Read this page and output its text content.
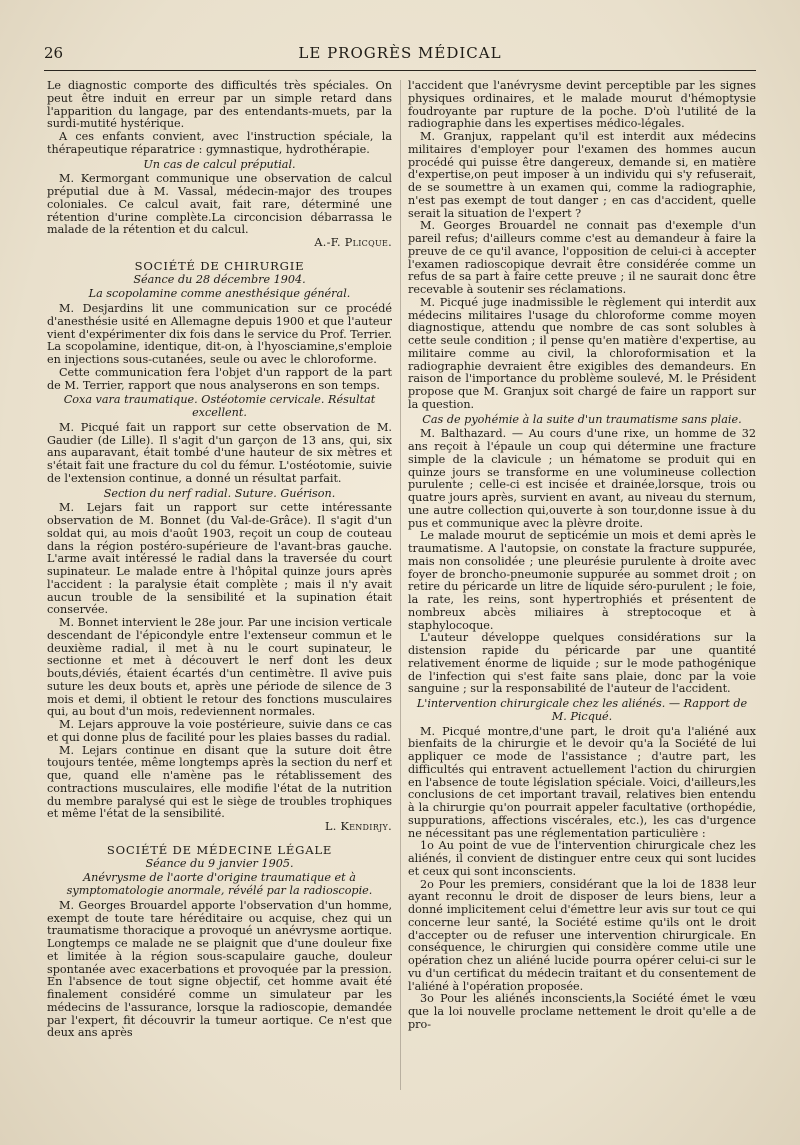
26	LE PROGRÈS MÉDICAL

Le diagnostic comporte des difficultés très spéciales. On peut être induit en erreur par un simple retard dans l'apparition du langage, par des entendants-muets, par la surdi-mutité hystérique.

A ces enfants convient, avec l'instruction spéciale, la thérapeutique réparatrice : gymnastique, hydrothérapie.

Un cas de calcul préputial.

M. Kermorgant communique une observation de calcul préputial due à M. Vassal, médecin-major des troupes coloniales. Ce calcul avait, fait rare, déterminé une rétention d'urine complète.La circoncision débarrassa le malade de la rétention et du calcul.

A.-F. Plicque.
SOCIÉTÉ DE CHIRURGIE
Séance du 28 décembre 1904.
La scopolamine comme anesthésique général.

M. Desjardins lit une communication sur ce procédé d'anesthésie usité en Allemagne depuis 1900 et que l'auteur vient d'expérimenter dix fois dans le service du Prof. Terrier. La scopolamine, identique, dit-on, à l'hyosciamine,s'emploie en injections sous-cutanées, seule ou avec le chloroforme.

Cette communication fera l'objet d'un rapport de la part de M. Terrier, rapport que nous analyserons en son temps.

Coxa vara traumatique. Ostéotomie cervicale. Résultat excellent.

M. Picqué fait un rapport sur cette observation de M. Gaudier (de Lille). Il s'agit d'un garçon de 13 ans, qui, six ans auparavant, était tombé d'une hauteur de six mètres et s'était fait une fracture du col du fémur. L'ostéotomie, suivie de l'extension continue, a donné un résultat parfait.

Section du nerf radial. Suture. Guérison.

M. Lejars fait un rapport sur cette intéressante observation de M. Bonnet (du Val-de-Grâce). Il s'agit d'un soldat qui, au mois d'août 1903, reçoit un coup de couteau dans la région postéro-supérieure de l'avant-bras gauche. L'arme avait intéressé le radial dans la traversée du court supinateur. Le malade entre à l'hôpital quinze jours après l'accident : la paralysie était complète ; mais il n'y avait aucun trouble de la sensibilité et la supination était conservée.

M. Bonnet intervient le 28e jour. Par une incision verticale descendant de l'épicondyle entre l'extenseur commun et le deuxième radial, il met à nu le court supinateur, le sectionne et met à découvert le nerf dont les deux bouts,déviés, étaient écartés d'un centimètre. Il avive puis suture les deux bouts et, après une période de silence de 3 mois et demi, il obtient le retour des fonctions musculaires qui, au bout d'un mois, redeviennent normales.

M. Lejars approuve la voie postérieure, suivie dans ce cas et qui donne plus de facilité pour les plaies basses du radial.

M. Lejars continue en disant que la suture doit être toujours tentée, même longtemps après la section du nerf et que, quand elle n'amène pas le rétablissement des contractions musculaires, elle modifie l'état de la nutrition du membre paralysé qui est le siège de troubles trophiques et même l'état de la sensibilité.

L. Kendirjy.
SOCIÉTÉ DE MÉDECINE LÉGALE
Séance du 9 janvier 1905.
Anévrysme de l'aorte d'origine traumatique et à symptomatologie anormale, révélé par la radioscopie.

M. Georges Brouardel apporte l'observation d'un homme, exempt de toute tare héréditaire ou acquise, chez qui un traumatisme thoracique a provoqué un anévrysme aortique. Longtemps ce malade ne se plaignit que d'une douleur fixe et limitée à la région sous-scapulaire gauche, douleur spontanée avec exacerbations et provoquée par la pression. En l'absence de tout signe objectif, cet homme avait été finalement considéré comme un simulateur par les médecins de l'assurance, lorsque la radioscopie, demandée par l'expert, fit découvrir la tumeur aortique. Ce n'est que deux ans après

l'accident que l'anévrysme devint perceptible par les signes physiques ordinaires, et le malade mourut d'hémoptysie foudroyante par rupture de la poche. D'où l'utilité de la radiographie dans les expertises médico-légales.

M. Granjux, rappelant qu'il est interdit aux médecins militaires d'employer pour l'examen des hommes aucun procédé qui puisse être dangereux, demande si, en matière d'expertise,on peut imposer à un individu qui s'y refuserait, de se soumettre à un examen qui, comme la radiographie, n'est pas exempt de tout danger ; en cas d'accident, quelle serait la situation de l'expert ?

M. Georges Brouardel ne connait pas d'exemple d'un pareil refus; d'ailleurs comme c'est au demandeur à faire la preuve de ce qu'il avance, l'opposition de celui-ci à accepter l'examen radioscopique devrait être considérée comme un refus de sa part à faire cette preuve ; il ne saurait donc être recevable à soutenir ses réclamations.

M. Picqué juge inadmissible le règlement qui interdit aux médecins militaires l'usage du chloroforme comme moyen diagnostique, attendu que nombre de cas sont solubles à cette seule condition ; il pense qu'en matière d'expertise, au militaire comme au civil, la chloroformisation et la radiographie devraient être exigibles des demandeurs. En raison de l'importance du problème soulevé, M. le Président propose que M. Granjux soit chargé de faire un rapport sur la question.

Cas de pyohémie à la suite d'un traumatisme sans plaie.

M. Balthazard. — Au cours d'une rixe, un homme de 32 ans reçoit à l'épaule un coup qui détermine une fracture simple de la clavicule ; un hématome se produit qui en quinze jours se transforme en une volumineuse collection purulente ; celle-ci est incisée et drainée,lorsque, trois ou quatre jours après, survient en avant, au niveau du sternum, une autre collection qui,ouverte à son tour,donne issue à du pus et communique avec la plèvre droite.

Le malade mourut de septicémie un mois et demi après le traumatisme. A l'autopsie, on constate la fracture suppurée, mais non consolidée ; une pleurésie purulente à droite avec foyer de broncho-pneumonie suppurée au sommet droit ; on retire du péricarde un litre de liquide séro-purulent ; le foie, la rate, les reins, sont hypertrophiés et présentent de nombreux abcès miliaires à streptocoque et à staphylocoque.

L'auteur développe quelques considérations sur la distension rapide du péricarde par une quantité relativement énorme de liquide ; sur le mode pathogénique de l'infection qui s'est faite sans plaie, donc par la voie sanguine ; sur la responsabilité de l'auteur de l'accident.

L'intervention chirurgicale chez les aliénés. — Rapport de M. Picqué.

M. Picqué montre,d'une part, le droit qu'a l'aliéné aux bienfaits de la chirurgie et le devoir qu'a la Société de lui appliquer ce mode de l'assistance ; d'autre part, les difficultés qui entravent actuellement l'action du chirurgien en l'absence de toute législation spéciale. Voici, d'ailleurs,les conclusions de cet important travail, relatives bien entendu à la chirurgie qu'on pourrait appeler facultative (orthopédie, suppurations, affections viscérales, etc.), les cas d'urgence ne nécessitant pas une réglementation particulière :

1o Au point de vue de l'intervention chirurgicale chez les aliénés, il convient de distinguer entre ceux qui sont lucides et ceux qui sont inconscients.

2o Pour les premiers, considérant que la loi de 1838 leur ayant reconnu le droit de disposer de leurs biens, leur a donné implicitement celui d'émettre leur avis sur tout ce qui concerne leur santé, la Société estime qu'ils ont le droit d'accepter ou de refuser une intervention chirurgicale. En conséquence, le chirurgien qui considère comme utile une opération chez un aliéné lucide pourra opérer celui-ci sur le vu d'un certificat du médecin traitant et du consentement de l'aliéné à l'opération proposée.

3o Pour les aliénés inconscients,la Société émet le vœu que la loi nouvelle proclame nettement le droit qu'elle a de pro-
